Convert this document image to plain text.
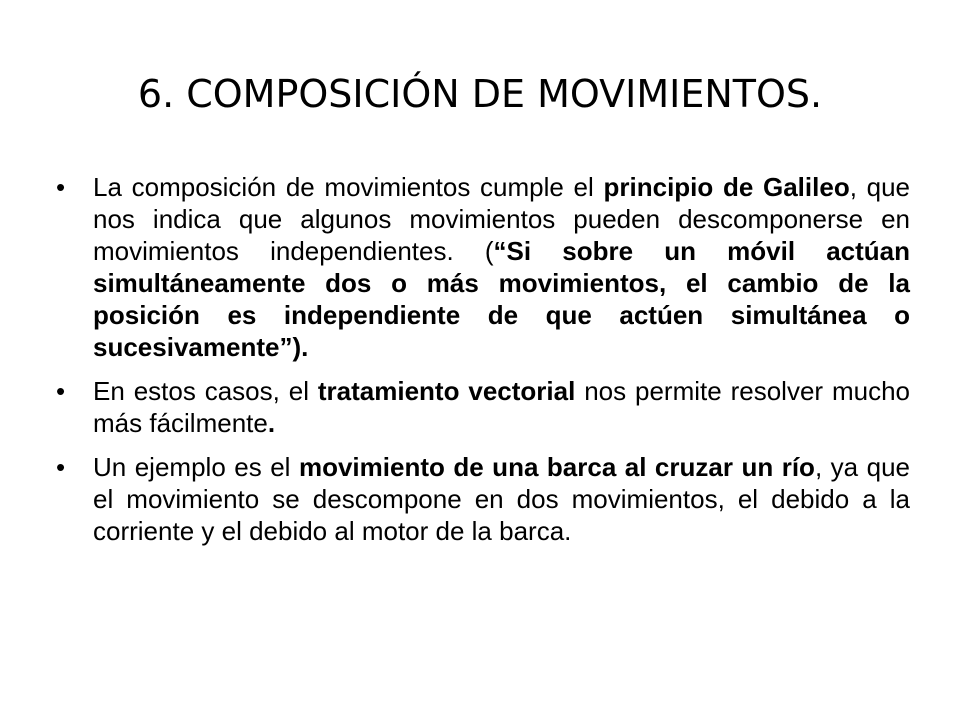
6. COMPOSICIÓN DE MOVIMIENTOS.
•	La composición de movimientos cumple el principio de Galileo, que nos indica que algunos movimientos pueden descomponerse en movimientos independientes. (“Si sobre un móvil actúan simultáneamente dos o más movimientos, el cambio de la posición es independiente de que actúen simultánea o sucesivamente”).
•	En estos casos, el tratamiento vectorial nos permite resolver mucho más fácilmente.
•	Un ejemplo es el movimiento de una barca al cruzar un río, ya que el movimiento se descompone en dos movimientos, el debido a la corriente y el debido al motor de la barca.
